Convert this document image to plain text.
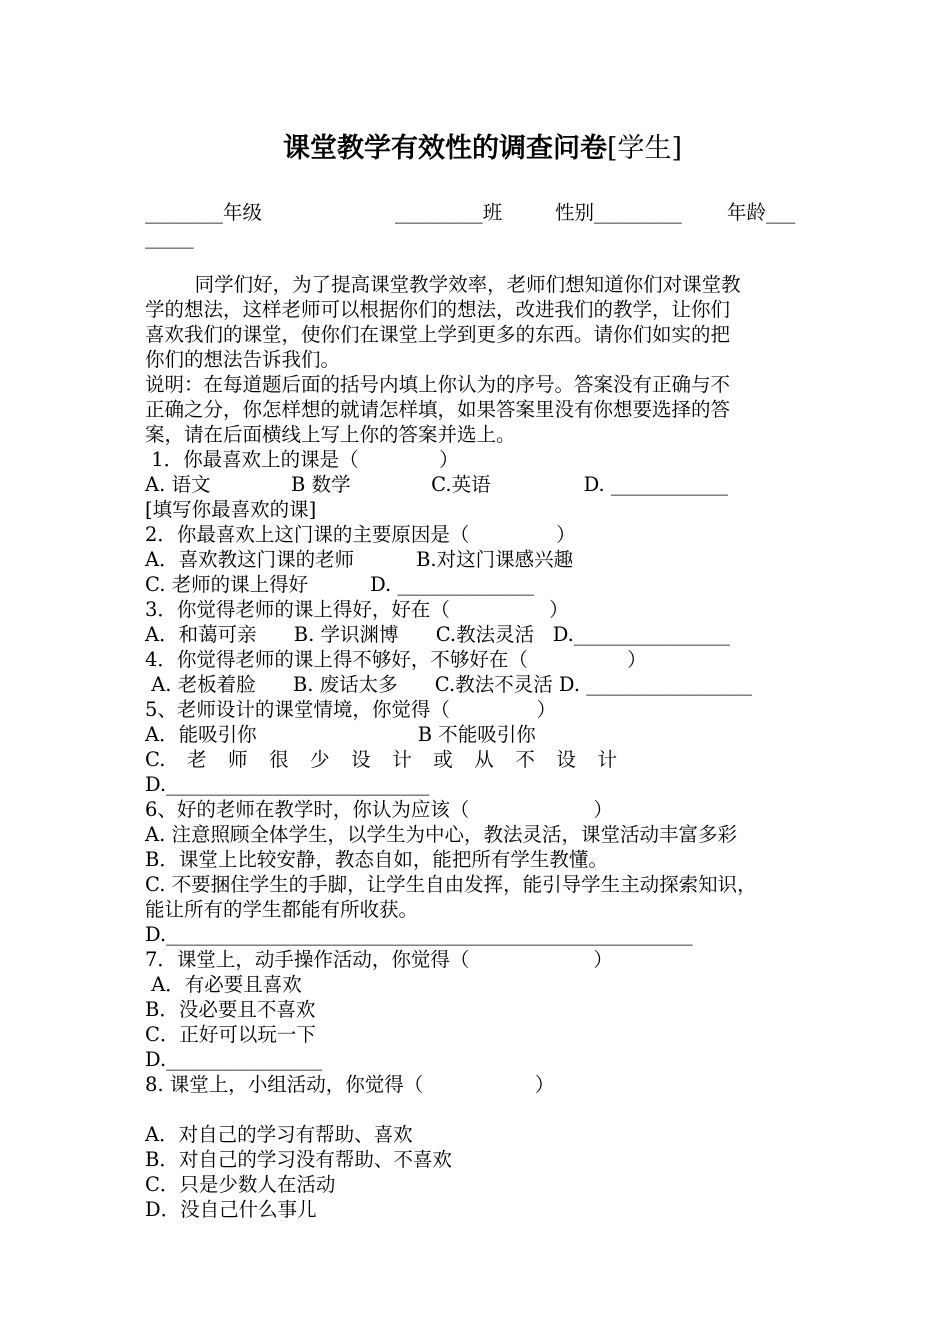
课堂教学有效性的调查问卷[学生]
________年级	_________班	性别_________ 年龄___
_____
同学们好，为了提高课堂教学效率，老师们想知道你们对课堂教
学的想法，这样老师可以根据你们的想法，改进我们的教学，让你们
喜欢我们的课堂，使你们在课堂上学到更多的东西。请你们如实的把
你们的想法告诉我们。
说明：在每道题后面的括号内填上你认为的序号。答案没有正确与不
正确之分，你怎样想的就请怎样填，如果答案里没有你想要选择的答
案，请在后面横线上写上你的答案并选上。
1．你最喜欢上的课是（             ）
A. 语文             B 数学             C.英语               D. ____________
[填写你最喜欢的课]
2．你最喜欢上这门课的主要原因是（              ）
A．喜欢教这门课的老师          B.对这门课感兴趣
C. 老师的课上得好          D. ______________
3．你觉得老师的课上得好，好在（                ）
A．和蔼可亲      B. 学识渊博      C.教法灵活   D.________________
4．你觉得老师的课上得不够好，不够好在（                ）
A. 老板着脸      B. 废话太多      C.教法不灵活 D. _________________
5、老师设计的课堂情境，你觉得（              ）
A．能吸引你                          B 不能吸引你
C. 老 师 很 少 设 计 或 从 不 设 计
D.___________________________
6、好的老师在教学时，你认为应该（                    ）
A. 注意照顾全体学生，以学生为中心，教法灵活，课堂活动丰富多彩
B．课堂上比较安静，教态自如，能把所有学生教懂。
C. 不要捆住学生的手脚，让学生自由发挥，能引导学生主动探索知识，
能让所有的学生都能有所收获。
D.______________________________________________________
7．课堂上，动手操作活动，你觉得（                    ）
A．有必要且喜欢
B．没必要且不喜欢
C．正好可以玩一下
D.________________
8. 课堂上，小组活动，你觉得（                  ）
A．对自己的学习有帮助、喜欢
B．对自己的学习没有帮助、不喜欢
C．只是少数人在活动
D．没自己什么事儿
